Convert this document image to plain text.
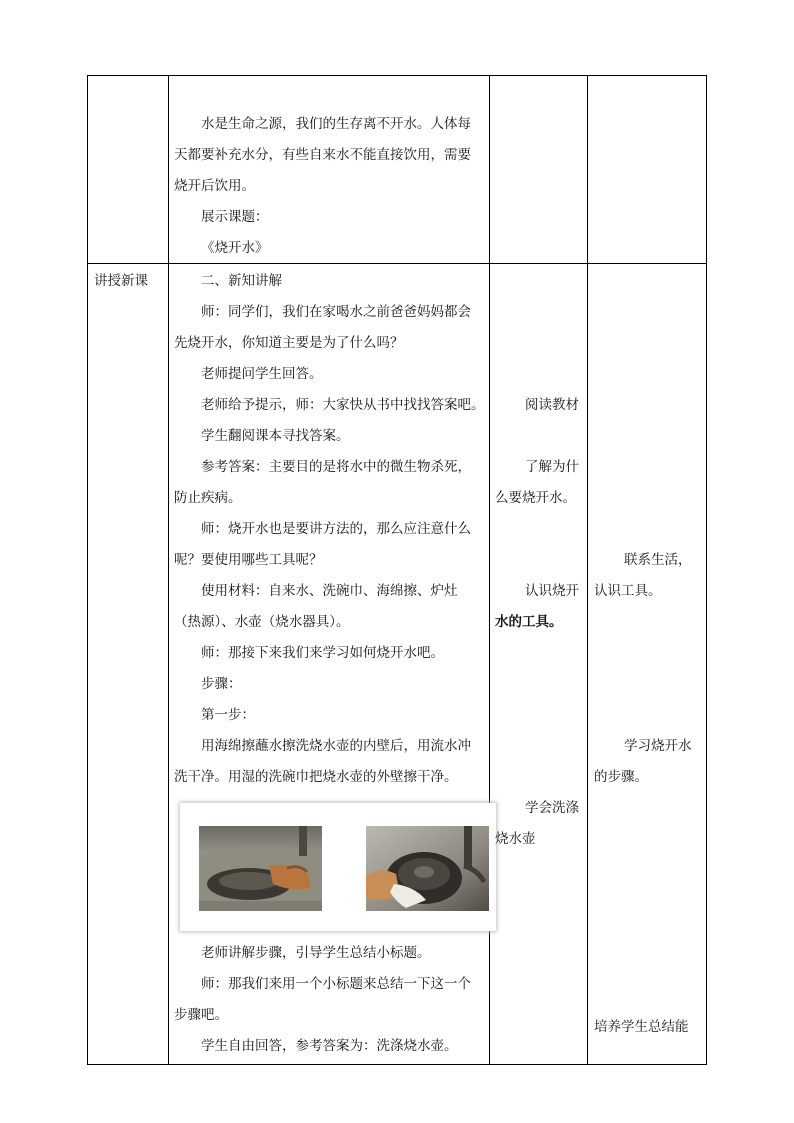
水是生命之源，我们的生存离不开水。人体每
天都要补充水分，有些自来水不能直接饮用，需要
烧开后饮用。
展示课题：
《烧开水》
讲授新课	二、新知讲解
师：同学们，我们在家喝水之前爸爸妈妈都会
先烧开水，你知道主要是为了什么吗？
老师提问学生回答。
老师给予提示，师：大家快从书中找找答案吧。
学生翻阅课本寻找答案。
参考答案：主要目的是将水中的微生物杀死，
防止疾病。
师：烧开水也是要讲方法的，那么应注意什么
呢？要使用哪些工具呢？
使用材料：自来水、洗碗巾、海绵擦、炉灶
（热源）、水壶（烧水器具）。
师：那接下来我们来学习如何烧开水吧。
步骤：
第一步：
用海绵擦蘸水擦洗烧水壶的内壁后，用流水冲
洗干净。用湿的洗碗巾把烧水壶的外壁擦干净。
老师讲解步骤，引导学生总结小标题。
师：那我们来用一个小标题来总结一下这一个
步骤吧。
学生自由回答，参考答案为：洗涤烧水壶。
阅读教材
了解为什
么要烧开水。
认识烧开
水的工具。
学会洗涤
烧水壶
联系生活，
认识工具。
学习烧开水
的步骤。
培养学生总结能
